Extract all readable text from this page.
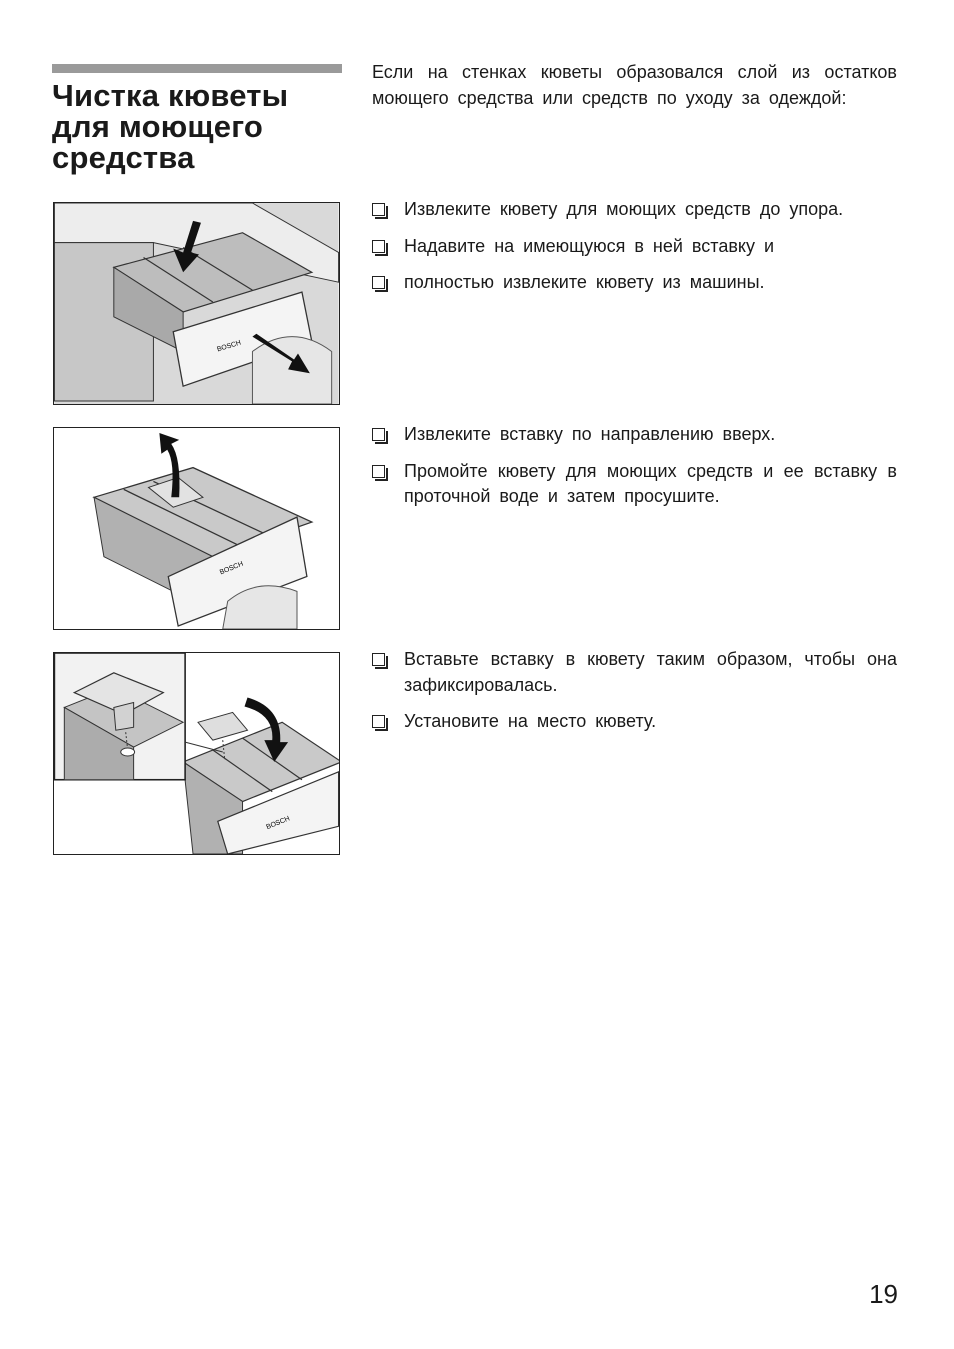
Чистка кюветы
для моющего
средства

Если на стенках кюветы образовался слой из остатков моющего средства или средств по уходу за одеждой:

Извлеките кювету для моющих средств до упора.
Надавите на имеющуюся в ней вставку и
полностью извлеките кювету из машины.
Извлеките вставку по направлению вверх.
Промойте кювету для моющих средств и ее вставку в проточной воде и затем просушите.
Вставьте вставку в кювету таким образом, чтобы она зафиксировалась.
Установите на место кювету.
BOSCH
BOSCH
BOSCH
19
